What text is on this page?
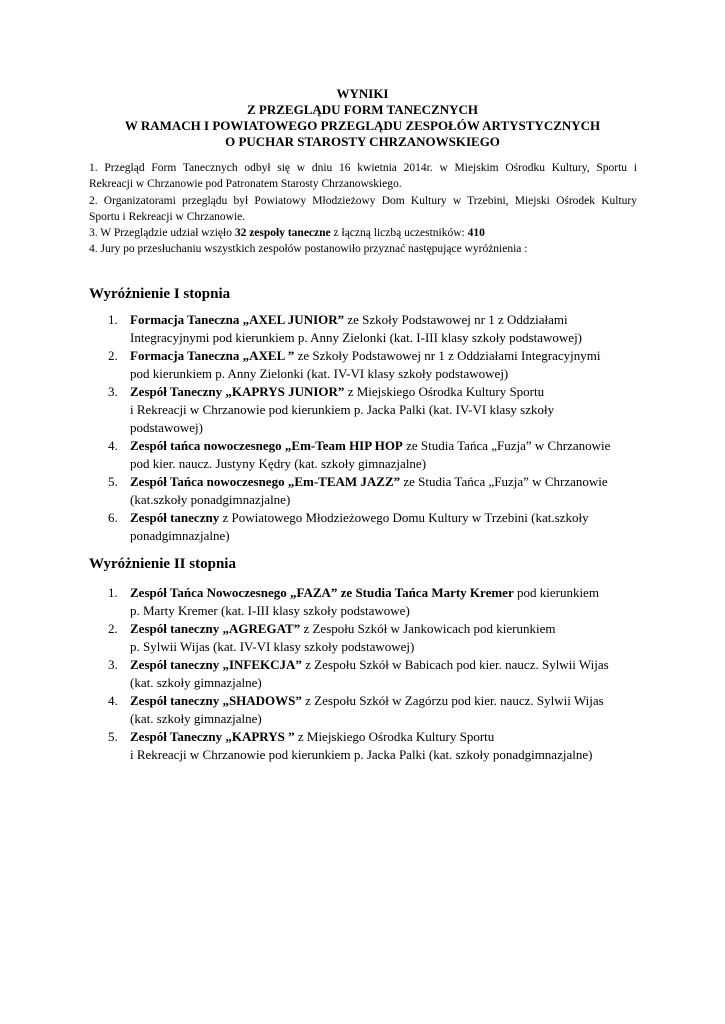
WYNIKI
Z PRZEGLĄDU FORM TANECZNYCH
W RAMACH I POWIATOWEGO PRZEGLĄDU ZESPOŁÓW ARTYSTYCZNYCH
O PUCHAR STAROSTY CHRZANOWSKIEGO

1. Przegląd Form Tanecznych odbył się w dniu 16 kwietnia 2014r. w Miejskim Ośrodku Kultury, Sportu i

Rekreacji w Chrzanowie pod Patronatem Starosty Chrzanowskiego.

2. Organizatorami przeglądu był Powiatowy Młodzieżowy Dom Kultury w Trzebini, Miejski Ośrodek Kultury

Sportu i Rekreacji w Chrzanowie.

3. W Przeglądzie udział wzięło 32 zespoły taneczne z łączną liczbą uczestników: 410

4. Jury po przesłuchaniu wszystkich zespołów postanowiło przyznać następujące wyróżnienia :

Wyróżnienie I stopnia
1. Formacja Taneczna „AXEL JUNIOR” ze Szkoły Podstawowej nr 1 z Oddziałami
Integracyjnymi pod kierunkiem p. Anny Zielonki (kat. I-III klasy szkoły podstawowej)
2. Formacja Taneczna „AXEL ” ze Szkoły Podstawowej nr 1 z Oddziałami Integracyjnymi
pod kierunkiem p. Anny Zielonki (kat. IV-VI klasy szkoły podstawowej)
3. Zespół Taneczny „KAPRYS JUNIOR” z Miejskiego Ośrodka Kultury Sportu
i Rekreacji w Chrzanowie pod kierunkiem p. Jacka Palki (kat. IV-VI klasy szkoły
podstawowej)
4. Zespół tańca nowoczesnego „Em-Team HIP HOP ze Studia Tańca „Fuzja” w Chrzanowie
pod kier. naucz. Justyny Kędry (kat. szkoły gimnazjalne)
5. Zespół Tańca nowoczesnego „Em-TEAM JAZZ” ze Studia Tańca „Fuzja” w Chrzanowie
(kat.szkoły ponadgimnazjalne)
6. Zespół taneczny z Powiatowego Młodzieżowego Domu Kultury w Trzebini (kat.szkoły
ponadgimnazjalne)
Wyróżnienie II stopnia
1. Zespół Tańca Nowoczesnego „FAZA” ze Studia Tańca Marty Kremer pod kierunkiem
p. Marty Kremer (kat. I-III klasy szkoły podstawowe)
2. Zespół taneczny „AGREGAT” z Zespołu Szkół w Jankowicach pod kierunkiem
p. Sylwii Wijas (kat. IV-VI klasy szkoły podstawowej)
3. Zespół taneczny „INFEKCJA” z Zespołu Szkół w Babicach pod kier. naucz. Sylwii Wijas
(kat. szkoły gimnazjalne)
4. Zespół taneczny „SHADOWS” z Zespołu Szkół w Zagórzu pod kier. naucz. Sylwii Wijas
(kat. szkoły gimnazjalne)
5. Zespół Taneczny „KAPRYS ” z Miejskiego Ośrodka Kultury Sportu
i Rekreacji w Chrzanowie pod kierunkiem p. Jacka Palki (kat. szkoły ponadgimnazjalne)
